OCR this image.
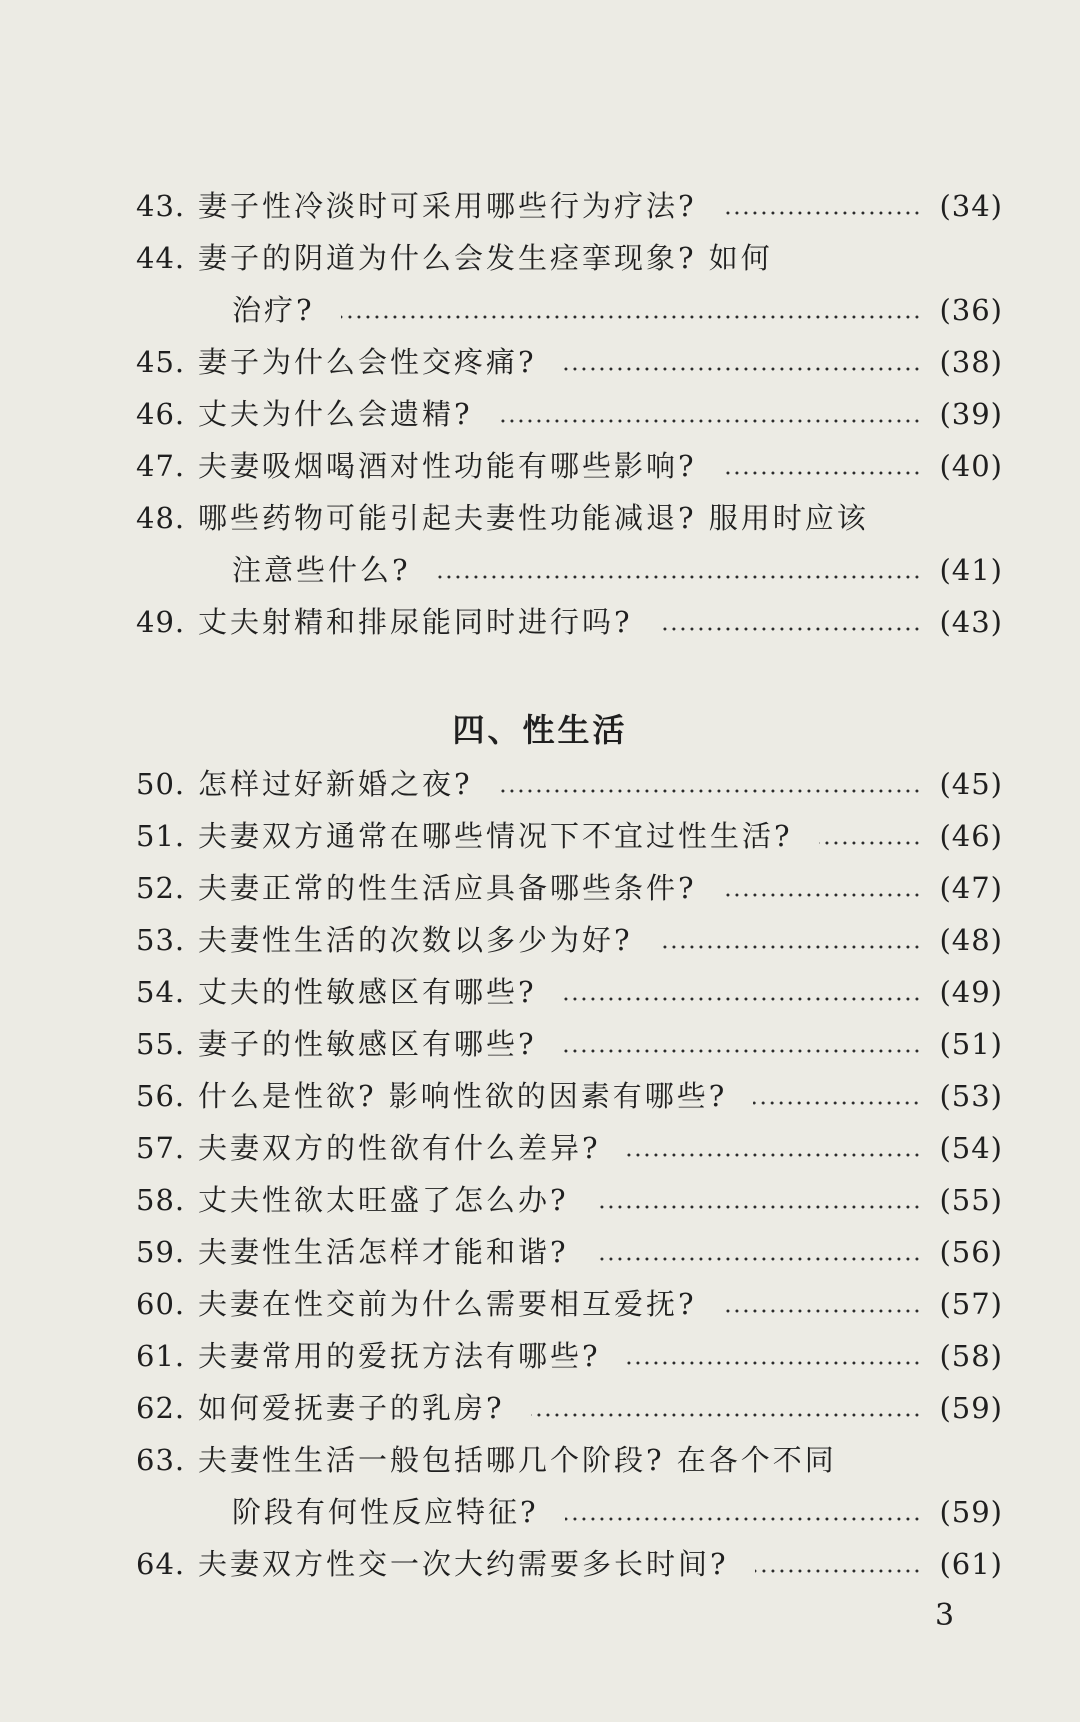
43. 妻子性冷淡时可采用哪些行为疗法?	(34)
44. 妻子的阴道为什么会发生痉挛现象? 如何
治疗?	(36)
45. 妻子为什么会性交疼痛?	(38)
46. 丈夫为什么会遗精?	(39)
47. 夫妻吸烟喝酒对性功能有哪些影响?	(40)
48. 哪些药物可能引起夫妻性功能减退? 服用时应该
注意些什么?	(41)
49. 丈夫射精和排尿能同时进行吗?	(43)
四、性生活
50. 怎样过好新婚之夜?	(45)
51. 夫妻双方通常在哪些情况下不宜过性生活?	(46)
52. 夫妻正常的性生活应具备哪些条件?	(47)
53. 夫妻性生活的次数以多少为好?	(48)
54. 丈夫的性敏感区有哪些?	(49)
55. 妻子的性敏感区有哪些?	(51)
56. 什么是性欲? 影响性欲的因素有哪些?	(53)
57. 夫妻双方的性欲有什么差异?	(54)
58. 丈夫性欲太旺盛了怎么办?	(55)
59. 夫妻性生活怎样才能和谐?	(56)
60. 夫妻在性交前为什么需要相互爱抚?	(57)
61. 夫妻常用的爱抚方法有哪些?	(58)
62. 如何爱抚妻子的乳房?	(59)
63. 夫妻性生活一般包括哪几个阶段? 在各个不同
阶段有何性反应特征?	(59)
64. 夫妻双方性交一次大约需要多长时间?	(61)
3
